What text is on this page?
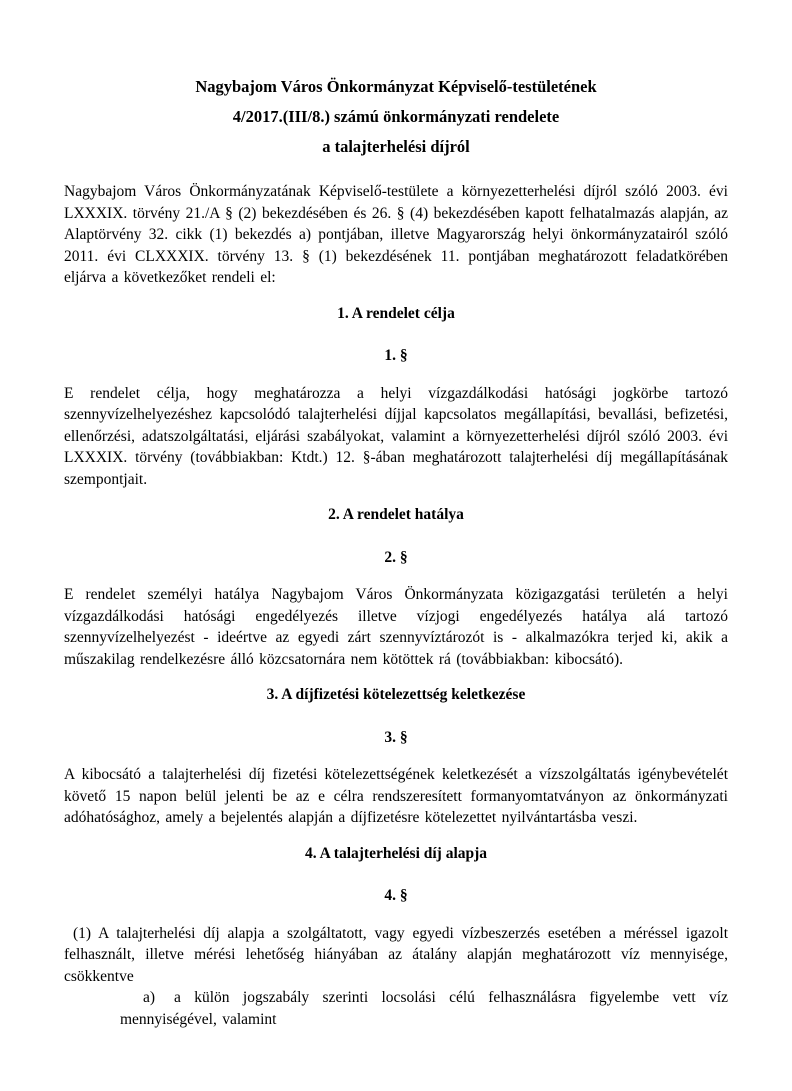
Nagybajom Város Önkormányzat Képviselő-testületének
4/2017.(III/8.) számú önkormányzati rendelete
a talajterhelési díjról

Nagybajom Város Önkormányzatának Képviselő-testülete a környezetterhelési díjról szóló 2003. évi LXXXIX. törvény 21./A § (2) bekezdésében és 26. § (4) bekezdésében kapott felhatalmazás alapján, az Alaptörvény 32. cikk (1) bekezdés a) pontjában, illetve Magyarország helyi önkormányzatairól szóló 2011. évi CLXXXIX. törvény 13. § (1) bekezdésének 11. pontjában meghatározott feladatkörében eljárva a következőket rendeli el:

1. A rendelet célja
1. §

E rendelet célja, hogy meghatározza a helyi vízgazdálkodási hatósági jogkörbe tartozó szennyvízelhelyezéshez kapcsolódó talajterhelési díjjal kapcsolatos megállapítási, bevallási, befizetési, ellenőrzési, adatszolgáltatási, eljárási szabályokat, valamint a környezetterhelési díjról szóló 2003. évi LXXXIX. törvény (továbbiakban: Ktdt.) 12. §-ában meghatározott talajterhelési díj megállapításának szempontjait.

2. A rendelet hatálya
2. §

E rendelet személyi hatálya Nagybajom Város Önkormányzata közigazgatási területén a helyi vízgazdálkodási hatósági engedélyezés illetve vízjogi engedélyezés hatálya alá tartozó szennyvízelhelyezést - ideértve az egyedi zárt szennyvíztározót is - alkalmazókra terjed ki, akik a műszakilag rendelkezésre álló közcsatornára nem kötöttek rá (továbbiakban: kibocsátó).

3. A díjfizetési kötelezettség keletkezése
3. §

A kibocsátó a talajterhelési díj fizetési kötelezettségének keletkezését a vízszolgáltatás igénybevételét követő 15 napon belül jelenti be az e célra rendszeresített formanyomtatványon az önkormányzati adóhatósághoz, amely a bejelentés alapján a díjfizetésre kötelezettet nyilvántartásba veszi.

4. A talajterhelési díj alapja
4. §

(1) A talajterhelési díj alapja a szolgáltatott, vagy egyedi vízbeszerzés esetében a méréssel igazolt felhasznált, illetve mérési lehetőség hiányában az átalány alapján meghatározott víz mennyisége, csökkentve

a) a külön jogszabály szerinti locsolási célú felhasználásra figyelembe vett víz mennyiségével, valamint
